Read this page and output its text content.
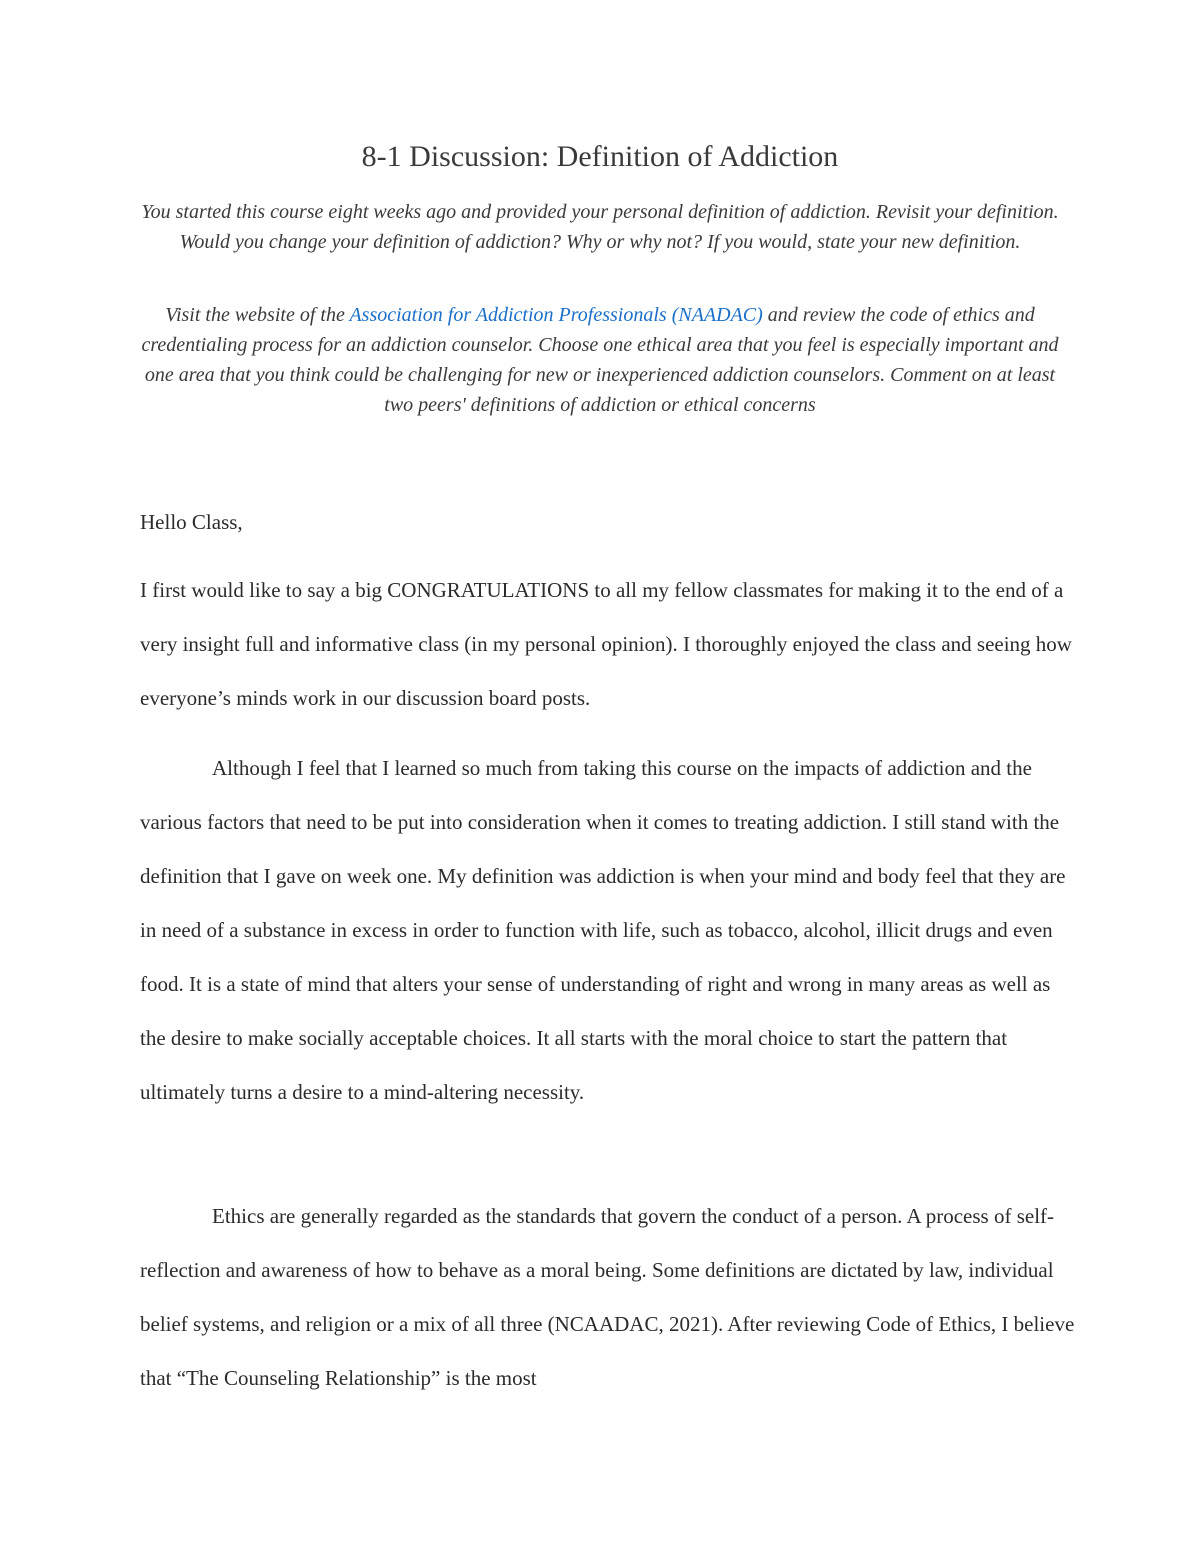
8-1 Discussion: Definition of Addiction

You started this course eight weeks ago and provided your personal definition of addiction. Revisit your definition. Would you change your definition of addiction? Why or why not? If you would, state your new definition.

Visit the website of the Association for Addiction Professionals (NAADAC) and review the code of ethics and credentialing process for an addiction counselor. Choose one ethical area that you feel is especially important and one area that you think could be challenging for new or inexperienced addiction counselors. Comment on at least two peers' definitions of addiction or ethical concerns

Hello Class,

I first would like to say a big CONGRATULATIONS to all my fellow classmates for making it to the end of a very insight full and informative class (in my personal opinion). I thoroughly enjoyed the class and seeing how everyone’s minds work in our discussion board posts.

Although I feel that I learned so much from taking this course on the impacts of addiction and the various factors that need to be put into consideration when it comes to treating addiction. I still stand with the definition that I gave on week one. My definition was addiction is when your mind and body feel that they are in need of a substance in excess in order to function with life, such as tobacco, alcohol, illicit drugs and even food. It is a state of mind that alters your sense of understanding of right and wrong in many areas as well as the desire to make socially acceptable choices. It all starts with the moral choice to start the pattern that ultimately turns a desire to a mind-altering necessity.

Ethics are generally regarded as the standards that govern the conduct of a person. A process of self-reflection and awareness of how to behave as a moral being. Some definitions are dictated by law, individual belief systems, and religion or a mix of all three (NCAADAC, 2021). After reviewing Code of Ethics, I believe that “The Counseling Relationship” is the most
